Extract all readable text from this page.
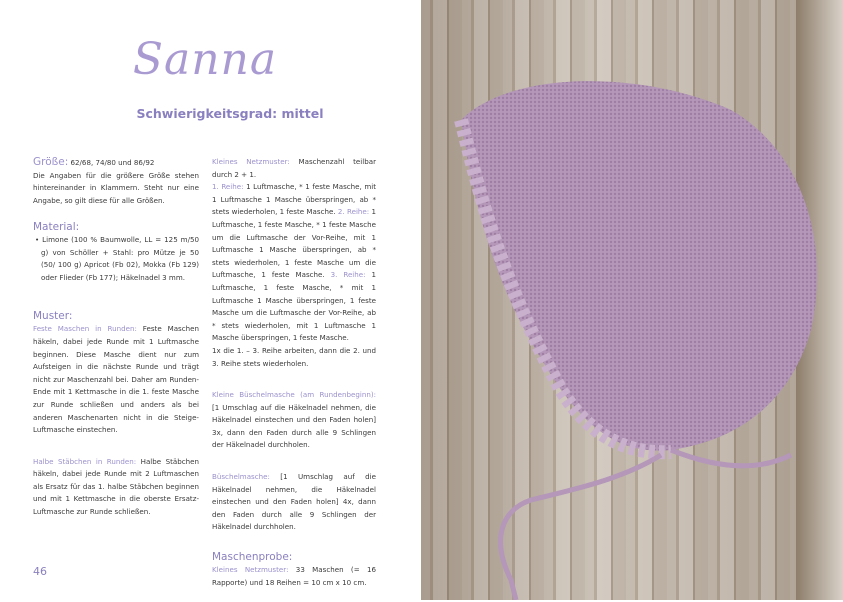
Sanna
Schwierigkeitsgrad: mittel

Größe: 62/68, 74/80 und 86/92
Die Angaben für die größere Größe stehen hintereinander in Klammern. Steht nur eine Angabe, so gilt diese für alle Größen.

Material:
• Limone (100 % Baumwolle, LL = 125 m/50 g) von Schöller + Stahl: pro Mütze je 50 (50/ 100 g) Apricot (Fb 02), Mokka (Fb 129) oder Flieder (Fb 177); Häkelnadel 3 mm.
Muster:

Feste Maschen in Runden: Feste Maschen häkeln, dabei jede Runde mit 1 Luftmasche beginnen. Diese Masche dient nur zum Aufsteigen in die nächste Runde und trägt nicht zur Maschenzahl bei. Daher am Runden-Ende mit 1 Kettmasche in die 1. feste Masche zur Runde schließen und anders als bei anderen Maschenarten nicht in die Steige-Luftmasche einstechen.

Halbe Stäbchen in Runden: Halbe Stäbchen häkeln, dabei jede Runde mit 2 Luftmaschen als Ersatz für das 1. halbe Stäbchen beginnen und mit 1 Kettmasche in die oberste Ersatz-Luftmasche zur Runde schließen.

Kleines Netzmuster: Maschenzahl teilbar durch 2 + 1.

1. Reihe: 1 Luftmasche, * 1 feste Masche, mit 1 Luftmasche 1 Masche überspringen, ab * stets wiederholen, 1 feste Masche. 2. Reihe: 1 Luftmasche, 1 feste Masche, * 1 feste Masche um die Luftmasche der Vor-Reihe, mit 1 Luftmasche 1 Masche überspringen, ab * stets wiederholen, 1 feste Masche um die Luftmasche, 1 feste Masche. 3. Reihe: 1 Luftmasche, 1 feste Masche, * mit 1 Luftmasche 1 Masche überspringen, 1 feste Masche um die Luftmasche der Vor-Reihe, ab * stets wiederholen, mit 1 Luftmasche 1 Masche überspringen, 1 feste Masche.

1x die 1. – 3. Reihe arbeiten, dann die 2. und 3. Reihe stets wiederholen.

Kleine Büschelmasche (am Rundenbeginn): [1 Umschlag auf die Häkelnadel nehmen, die Häkelnadel einstechen und den Faden holen] 3x, dann den Faden durch alle 9 Schlingen der Häkelnadel durchholen.

Büschelmasche: [1 Umschlag auf die Häkelnadel nehmen, die Häkelnadel einstechen und den Faden holen] 4x, dann den Faden durch alle 9 Schlingen der Häkelnadel durchholen.

Maschenprobe:

Kleines Netzmuster: 33 Maschen (= 16 Rapporte) und 18 Reihen = 10 cm x 10 cm.

46
